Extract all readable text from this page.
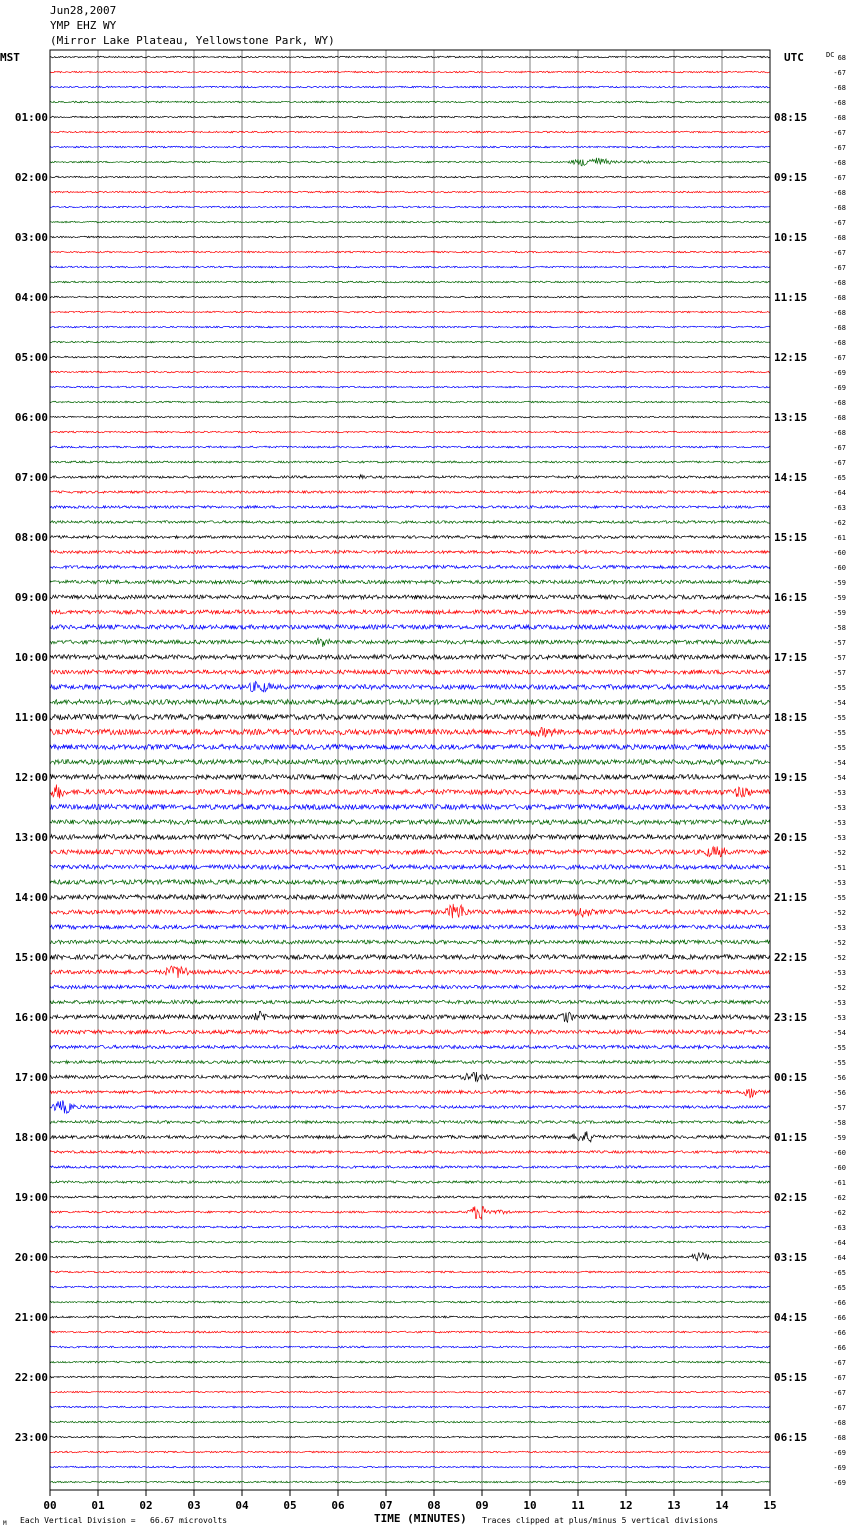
Jun28,2007
YMP EHZ WY
(Mirror Lake Plateau, Yellowstone Park, WY)
00	01	02	03	04	05	06	07	08	09	10	11	12	13	14	15
01:00
02:00
03:00
04:00
05:00
06:00
07:00
08:00
09:00
10:00
11:00
12:00
13:00
14:00
15:00
16:00
17:00
18:00
19:00
20:00
21:00
22:00
23:00
08:15
09:15
10:15
11:15
12:15
13:15
14:15
15:15
16:15
17:15
18:15
19:15
20:15
21:15
22:15
23:15
00:15
01:15
02:15
03:15
04:15
05:15
06:15
68
-67
-68
-68
-68
-67
-67
-68
-67
-68
-68
-67
-68
-67
-67
-68
-68
-68
-68
-68
-67
-69
-69
-68
-68
-68
-67
-67
-65
-64
-63
-62
-61
-60
-60
-59
-59
-59
-58
-57
-57
-57
-55
-54
-55
-55
-55
-54
-54
-53
-53
-53
-53
-52
-51
-53
-55
-52
-53
-52
-52
-53
-52
-53
-53
-54
-55
-55
-56
-56
-57
-58
-59
-60
-60
-61
-62
-62
-63
-64
-64
-65
-65
-66
-66
-66
-66
-67
-67
-67
-67
-68
-68
-69
-69
-69
MST	UTC	DC
TIME (MINUTES)
M Each Vertical Division =   66.67 microvolts	Traces clipped at plus/minus 5 vertical divisions
